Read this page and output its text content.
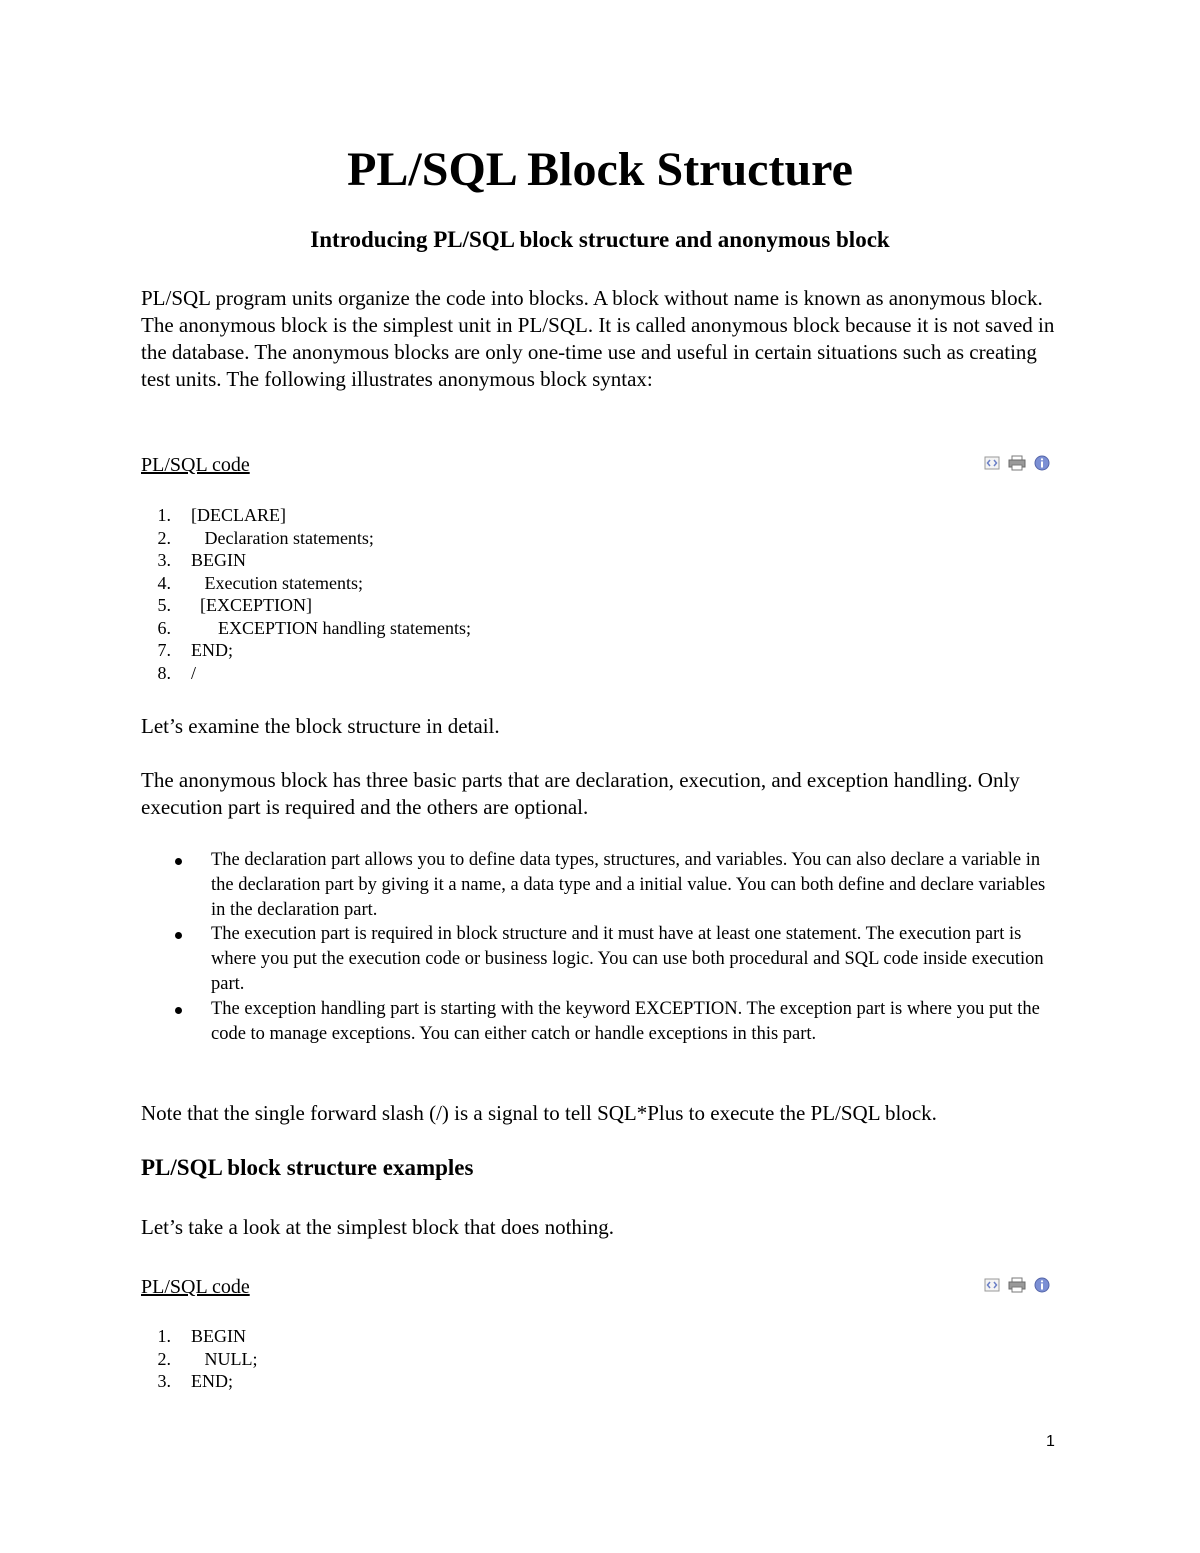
PL/SQL Block Structure
Introducing PL/SQL block structure and anonymous block

PL/SQL program units organize the code into blocks. A block without name is known as anonymous block. The anonymous block is the simplest unit in PL/SQL. It is called anonymous block because it is not saved in the database. The anonymous blocks are only one-time use and useful in certain situations such as creating test units. The following illustrates anonymous block syntax:

PL/SQL code
1.	[DECLARE]
2.	Declaration statements;
3.	BEGIN
4.	Execution statements;
5.	[EXCEPTION]
6.	EXCEPTION handling statements;
7.	END;
8.	/

Let’s examine the block structure in detail.

The anonymous block has three basic parts that are declaration, execution, and exception handling. Only execution part is required and the others are optional.

The declaration part allows you to define data types, structures, and variables. You can also declare a variable in the declaration part by giving it a name, a data type and a initial value. You can both define and declare variables in the declaration part.
The execution part is required in block structure and it must have at least one statement. The execution part is where you put the execution code or business logic. You can use both procedural and SQL code inside execution part.
The exception handling part is starting with the keyword EXCEPTION. The exception part is where you put the code to manage exceptions. You can either catch or handle exceptions in this part.

Note that the single forward slash (/) is a signal to tell SQL*Plus to execute the PL/SQL block.

PL/SQL block structure examples

Let’s take a look at the simplest block that does nothing.

PL/SQL code
1.	BEGIN
2.	NULL;
3.	END;
1
